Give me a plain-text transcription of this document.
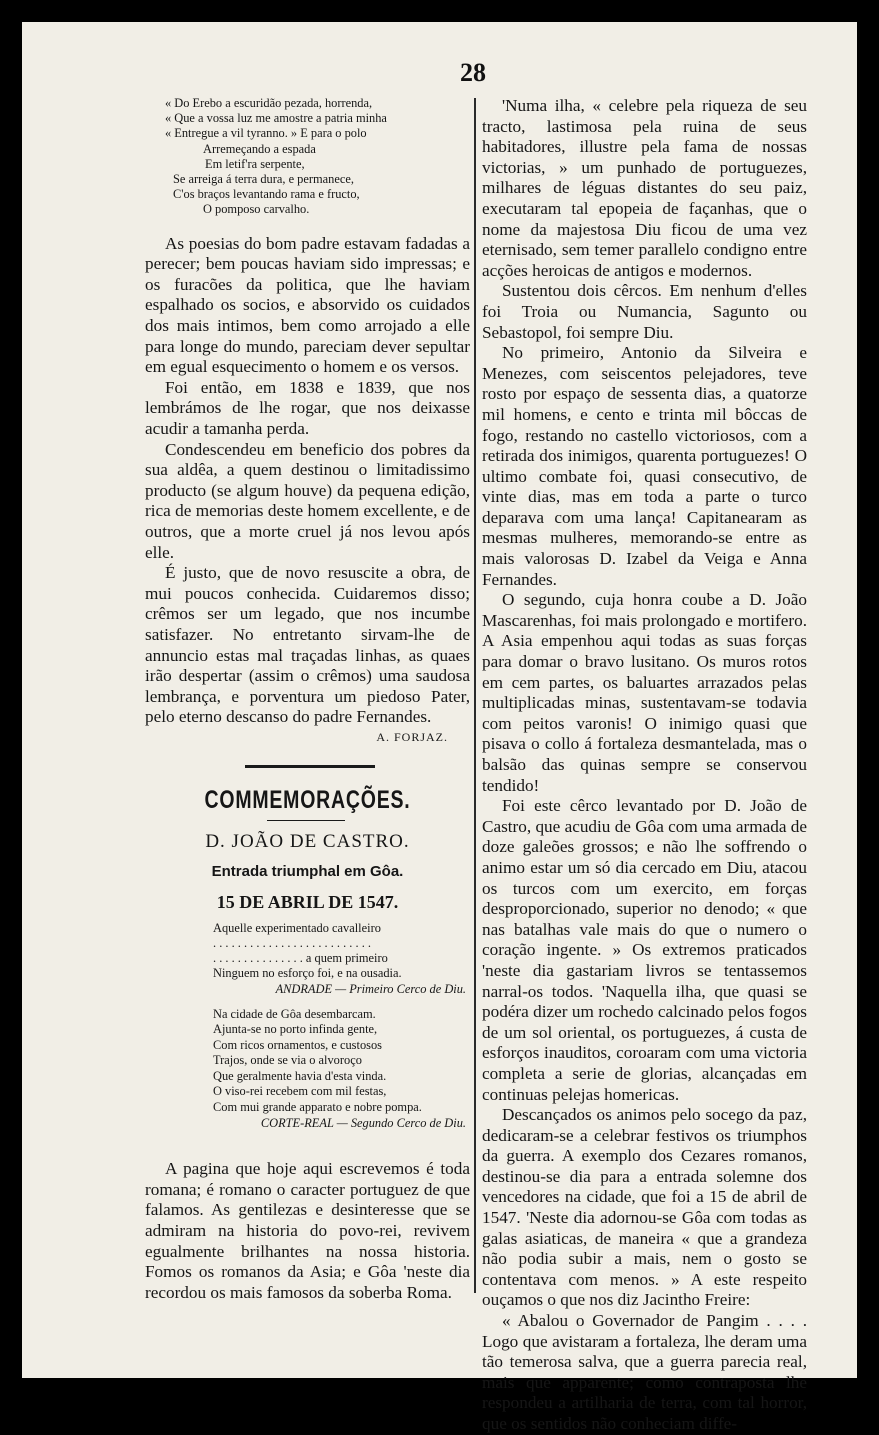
28
« Do Erebo a escuridão pezada, horrenda,
« Que a vossa luz me amostre a patria minha
« Entregue a vil tyranno. » E para o polo
Arremeçando a espada
Em letif'ra serpente,
Se arreiga á terra dura, e permanece,
C'os braços levantando rama e fructo,
O pomposo carvalho.

As poesias do bom padre estavam fadadas a perecer; bem poucas haviam sido impressas; e os furacões da politica, que lhe haviam espalhado os socios, e absorvido os cuidados dos mais intimos, bem como arrojado a elle para longe do mundo, pareciam dever sepultar em egual esquecimento o homem e os versos.

Foi então, em 1838 e 1839, que nos lembrámos de lhe rogar, que nos deixasse acudir a tamanha perda.

Condescendeu em beneficio dos pobres da sua aldêa, a quem destinou o limitadissimo producto (se algum houve) da pequena edição, rica de memorias deste homem excellente, e de outros, que a morte cruel já nos levou após elle.

É justo, que de novo resuscite a obra, de mui poucos conhecida. Cuidaremos disso; crêmos ser um legado, que nos incumbe satisfazer. No entretanto sirvam-lhe de annuncio estas mal traçadas linhas, as quaes irão despertar (assim o crêmos) uma saudosa lembrança, e porventura um piedoso Pater, pelo eterno descanso do padre Fernandes.

A. FORJAZ.
COMMEMORAÇÕES.
D. JOÃO DE CASTRO.
Entrada triumphal em Gôa.
15 DE ABRIL DE 1547.
Aquelle experimentado cavalleiro
. . . . . . . . . . . . . . . . . . . . . . . . . .
. . . . . . . . . . . . . . . a quem primeiro
Ninguem no esforço foi, e na ousadia.
ANDRADE — Primeiro Cerco de Diu.
Na cidade de Gôa desembarcam.
Ajunta-se no porto infinda gente,
Com ricos ornamentos, e custosos
Trajos, onde se via o alvoroço
Que geralmente havia d'esta vinda.
O viso-rei recebem com mil festas,
Com mui grande apparato e nobre pompa.
CORTE-REAL — Segundo Cerco de Diu.

A pagina que hoje aqui escrevemos é toda romana; é romano o caracter portuguez de que falamos. As gentilezas e desinteresse que se admiram na historia do povo-rei, revivem egualmente brilhantes na nossa historia. Fomos os romanos da Asia; e Gôa 'neste dia recordou os mais famosos da soberba Roma.

'Numa ilha, « celebre pela riqueza de seu tracto, lastimosa pela ruina de seus habitadores, illustre pela fama de nossas victorias, » um punhado de portuguezes, milhares de léguas distantes do seu paiz, executaram tal epopeia de façanhas, que o nome da majestosa Diu ficou de uma vez eternisado, sem temer parallelo condigno entre acções heroicas de antigos e modernos.

Sustentou dois cêrcos. Em nenhum d'elles foi Troia ou Numancia, Sagunto ou Sebastopol, foi sempre Diu.

No primeiro, Antonio da Silveira e Menezes, com seiscentos pelejadores, teve rosto por espaço de sessenta dias, a quatorze mil homens, e cento e trinta mil bôccas de fogo, restando no castello victoriosos, com a retirada dos inimigos, quarenta portuguezes! O ultimo combate foi, quasi consecutivo, de vinte dias, mas em toda a parte o turco deparava com uma lança! Capitanearam as mesmas mulheres, memorando-se entre as mais valorosas D. Izabel da Veiga e Anna Fernandes.

O segundo, cuja honra coube a D. João Mascarenhas, foi mais prolongado e mortifero. A Asia empenhou aqui todas as suas forças para domar o bravo lusitano. Os muros rotos em cem partes, os baluartes arrazados pelas multiplicadas minas, sustentavam-se todavia com peitos varonis! O inimigo quasi que pisava o collo á fortaleza desmantelada, mas o balsão das quinas sempre se conservou tendido!

Foi este cêrco levantado por D. João de Castro, que acudiu de Gôa com uma armada de doze galeões grossos; e não lhe soffrendo o animo estar um só dia cercado em Diu, atacou os turcos com um exercito, em forças desproporcionado, superior no denodo; « que nas batalhas vale mais do que o numero o coração ingente. » Os extremos praticados 'neste dia gastariam livros se tentassemos narral-os todos. 'Naquella ilha, que quasi se podéra dizer um rochedo calcinado pelos fogos de um sol oriental, os portuguezes, á custa de esforços inauditos, coroaram com uma victoria completa a serie de glorias, alcançadas em continuas pelejas homericas.

Descançados os animos pelo socego da paz, dedicaram-se a celebrar festivos os triumphos da guerra. A exemplo dos Cezares romanos, destinou-se dia para a entrada solemne dos vencedores na cidade, que foi a 15 de abril de 1547. 'Neste dia adornou-se Gôa com todas as galas asiaticas, de maneira « que a grandeza não podia subir a mais, nem o gosto se contentava com menos. » A este respeito ouçamos o que nos diz Jacintho Freire:

« Abalou o Governador de Pangim . . . . Logo que avistaram a fortaleza, lhe deram uma tão temerosa salva, que a guerra parecia real, mais que apparente; como contraposta lhe respondeu a artilharia de terra, com tal horror, que os sentidos não conheciam diffe-
